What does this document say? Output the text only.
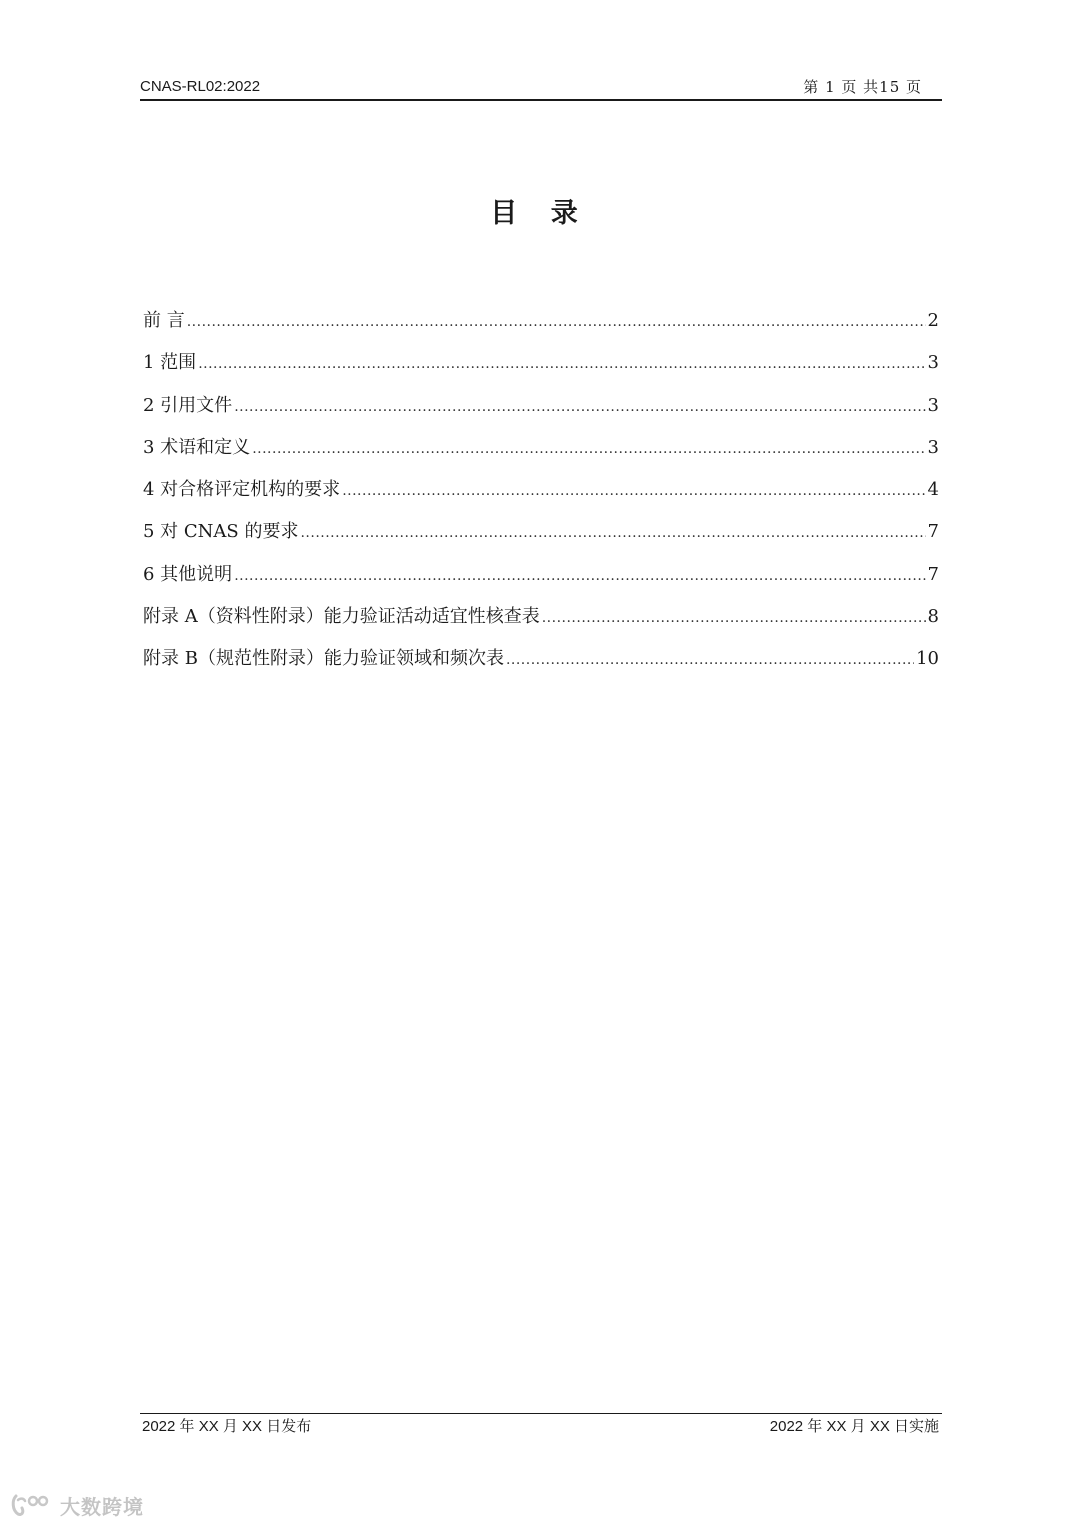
CNAS-RL02:2022	第 1 页 共15 页
目 录
前 言 .....	2
1 范围 .....	3
2 引用文件 .....	3
3 术语和定义 .....	3
4 对合格评定机构的要求 .....	4
5 对 CNAS 的要求 .....	7
6 其他说明 .....	7
附录 A（资料性附录）能力验证活动适宜性核查表 .....	8
附录 B（规范性附录）能力验证领域和频次表 .....	10
2022 年 XX 月 XX 日发布	2022 年 XX 月 XX 日实施
大数跨境
